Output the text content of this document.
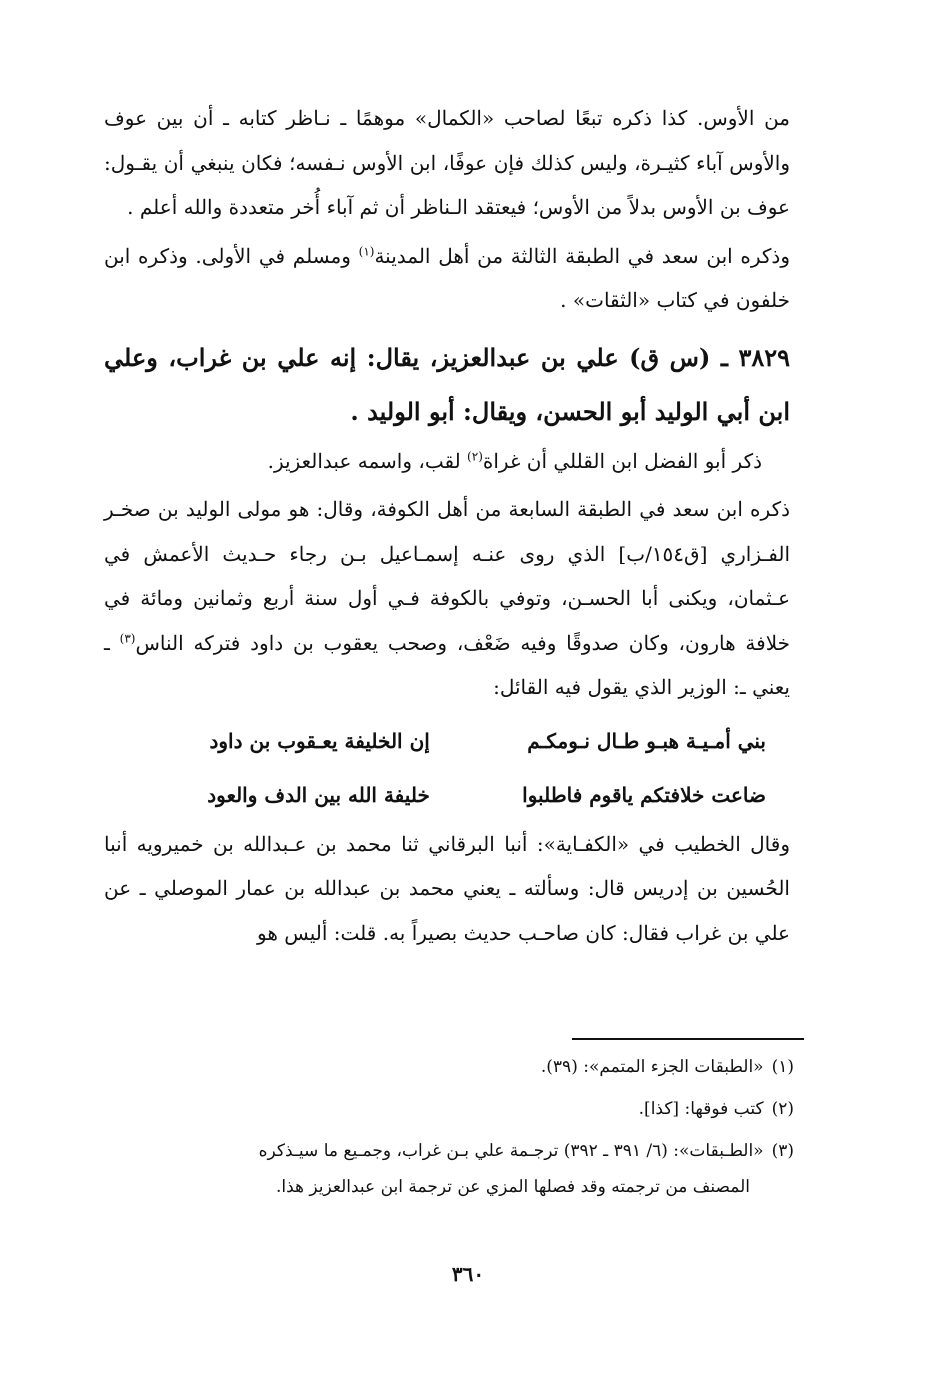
من الأوس. كذا ذكره تبعًا لصاحب «الكمال» موهمًا ـ نـاظر كتابه ـ أن بين عوف والأوس آباء كثيـرة، وليس كذلك فإن عوفًا، ابن الأوس نـفسه؛ فكان ينبغي أن يقـول: عوف بن الأوس بدلاً من الأوس؛ فيعتقد الـناظر أن ثم آباء أُخر متعددة والله أعلم .

وذكره ابن سعد في الطبقة الثالثة من أهل المدينة$^{(١)}$ ومسلم في الأولى. وذكره ابن خلفون في كتاب «الثقات» .

٣٨٢٩ ـ (س ق) علي بن عبدالعزيز، يقال: إنه علي بن غراب، وعلي ابن أبي الوليد أبو الحسن، ويقال: أبو الوليد .

ذكر أبو الفضل ابن القللي أن غراة$^{(٢)}$ لقب، واسمه عبدالعزيز.

ذكره ابن سعد في الطبقة السابعة من أهل الكوفة، وقال: هو مولى الوليد بن صخـر الفـزاري [ق١٥٤/ب] الذي روى عنـه إسمـاعيل بـن رجاء حـديث الأعمش في عـثمان، ويكنى أبا الحسـن، وتوفي بالكوفة فـي أول سنة أربع وثمانين ومائة في خلافة هارون، وكان صدوقًا وفيه ضَعْف، وصحب يعقوب بن داود فتركه الناس$^{(٣)}$ ـ يعني ـ: الوزير الذي يقول فيه القائل:

بني أمـيـة هبـو طـال نـومكـم
إن الخليفة يعـقوب بن داود
ضاعت خلافتكم ياقوم فاطلبوا
خليفة الله بين الدف والعود

وقال الخطيب في «الكفـاية»: أنبا البرقاني ثنا محمد بن عـبدالله بن خميرويه أنبا الحُسين بن إدريس قال: وسألته ـ يعني محمد بن عبدالله بن عمار الموصلي ـ عن علي بن غراب فقال: كان صاحـب حديث بصيراً به. قلت: أليس هو

(١)«الطبقات الجزء المتمم»: (٣٩).

(٢)كتب فوقها: [كذا].

(٣)«الطـبقات»: (٦/ ٣٩١ ـ ٣٩٢) ترجـمة علي بـن غراب، وجمـيع ما سيـذكره

المصنف من ترجمته وقد فصلها المزي عن ترجمة ابن عبدالعزيز هذا.

٣٦٠
